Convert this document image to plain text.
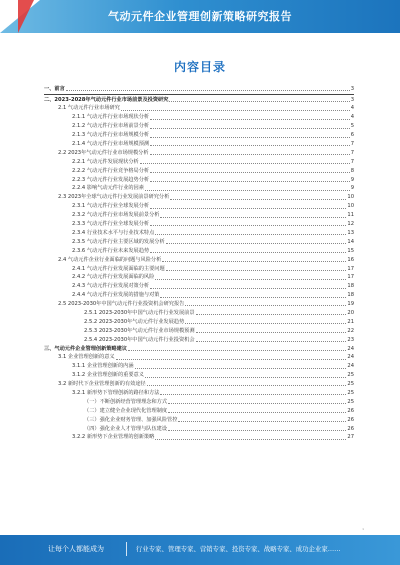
气动元件企业管理创新策略研究报告
内容目录
一、前言	3
二、2023-2028年气动元件行业市场前景及投资研究	3
2.1 气动元件行业市场研究	4
2.1.1 气动元件行业市场现状分析	4
2.1.2 气动元件行业市场前景分析	5
2.1.3 气动元件行业市场规模分析	6
2.1.4 气动元件行业市场规模预测	7
2.2 2023年气动元件行业市场规模分析	7
2.2.1 气动元件发展现状分析	7
2.2.2 气动元件行业竞争格局分析	8
2.2.3 气动元件行业发展趋势分析	9
2.2.4 影响气动元件行业的因素	9
2.3 2023年全球气动元件行业发展前景研究分析	10
2.3.1 气动元件行业全球发展分析	10
2.3.2 气动元件行业市场发展前景分析	11
2.3.3 气动元件行业全球发展分析	12
2.3.4 行业技术水平与行业技术特点	13
2.3.5 气动元件行业主要区域的发展分析	14
2.3.6 气动元件行业未来发展趋势	15
2.4 气动元件企业行业面临的问题与风险分析	16
2.4.1 气动元件行业发展面临的主要问题	17
2.4.2 气动元件行业发展面临的风险	17
2.4.3 气动元件行业发展对策分析	18
2.4.4 气动元件行业发展的措施与对策	18
2.5 2023-2030年中国气动元件行业投资机会研究报告	19
2.5.1 2023-2030年中国气动元件行业发展前景	20
2.5.2 2023-2030年气动元件行业发展趋势	21
2.5.3 2023-2030年气动元件行业市场规模预测	22
2.5.4 2023-2030年中国气动元件行业投资机会	23
三、气动元件企业管理创新策略建议	24
3.1 企业管理创新的意义	24
3.1.1 企业管理创新的内涵	24
3.1.2 企业管理创新的重要意义	25
3.2 新时代下企业管理创新的有效途径	25
3.2.1 新形势下管理创新的路径和方法	25
（一）不断创新经营管理理念和方式	25
（二）建立健全企业现代化管理制度	26
（三）强化企业财务管理、加强风险管控	26
（四）强化企业人才管理与队伍建设	26
3.2.2 新形势下企业管理的创新策略	27
1
让每个人都能成为	行业专家、管理专家、营销专家、投资专家、战略专家、成功企业家……
